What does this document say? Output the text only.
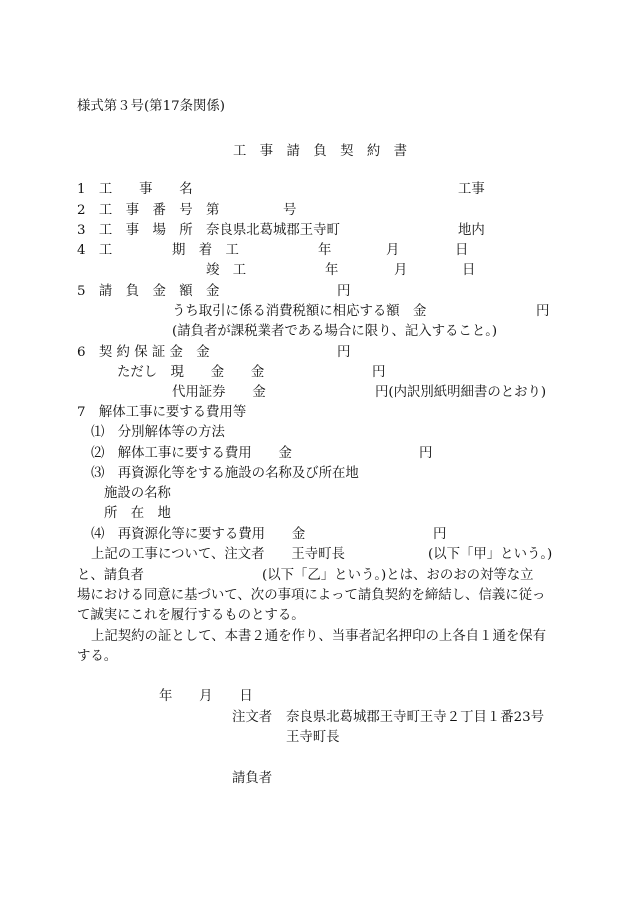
様式第３号(第17条関係)
工　事　請　負　契　約　書
1　工　　事　　名	工事
2　工　事　番　号　第	号
3　工　事　場　所　奈良県北葛城郡王寺町	地内
4　工	期　着　工	年	月	日
竣　工	年	月	日
5　請　負　金　額　金	円
うち取引に係る消費税額に相応する額　金	円
(請負者が課税業者である場合に限り、記入すること。)
6　契 約 保 証 金　金	円
ただし　現　　金　　金	円
代用証券　　金	円(内訳別紙明細書のとおり)
7　解体工事に要する費用等
⑴　分別解体等の方法
⑵　解体工事に要する費用　　金	円
⑶　再資源化等をする施設の名称及び所在地
施設の名称
所　在　地
⑷　再資源化等に要する費用　　金	円
上記の工事について、注文者　　王寺町長	(以下「甲」という。)
と、請負者	(以下「乙」という。)とは、おのおの対等な立
場における同意に基づいて、次の事項によって請負契約を締結し、信義に従っ
て誠実にこれを履行するものとする。
上記契約の証として、本書２通を作り、当事者記名押印の上各自１通を保有
する。
年　　月　　日
注文者 奈良県北葛城郡王寺町王寺２丁目１番23号
王寺町長
請負者
